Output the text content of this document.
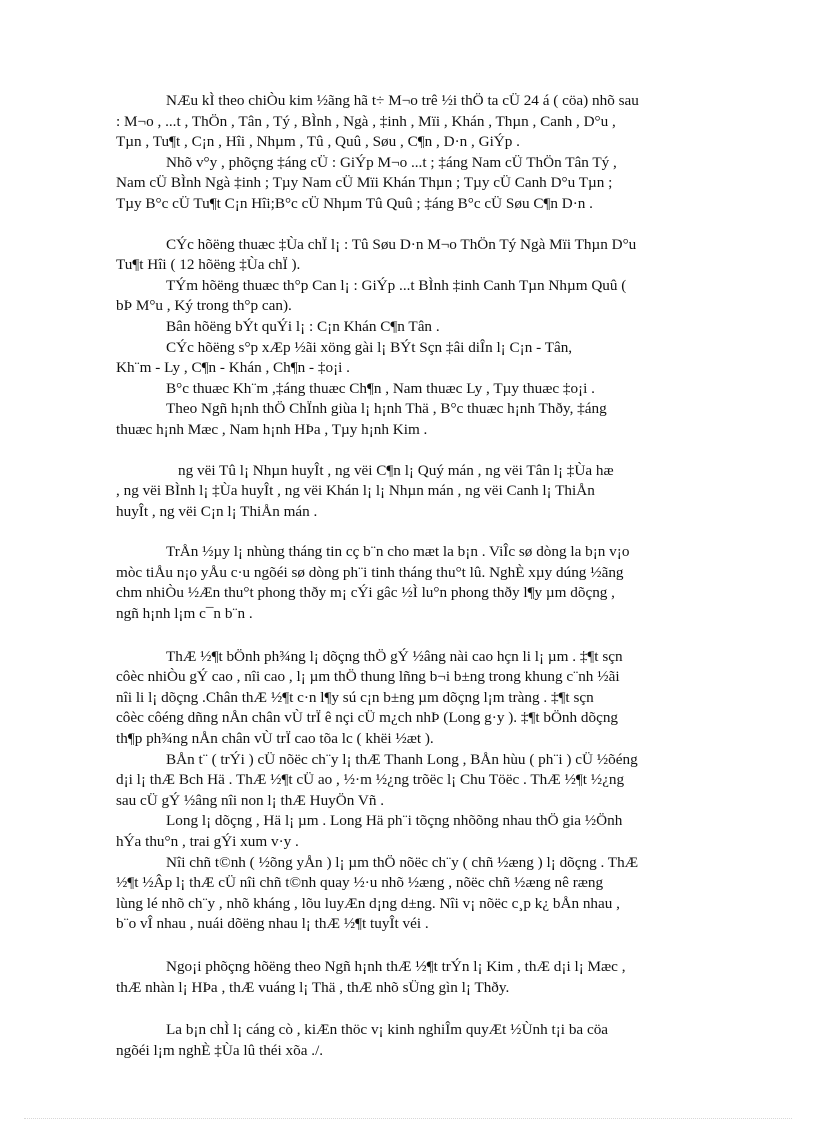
NÆu kÌ theo chiÒu kim ½ãng hã t÷ M¬o trê ½i thÖ ta cÜ 24 á ( cöa) nhõ sau
: M¬o , ...t , ThÖn , Tân , Tý , BÌnh , Ngà , ‡inh , Mïi , Khán , Thµn , Canh , D°u ,
Tµn , Tu¶t , C¡n , Hîi , Nhµm , Tû , Quû , Søu , C¶n , D·n , GiÝp .

Nhõ v°y , phõçng ‡áng cÜ : GiÝp M¬o ...t ; ‡áng Nam cÜ ThÖn Tân Tý ,
Nam cÜ BÌnh Ngà ‡inh ; Tµy Nam cÜ Mïi Khán Thµn ; Tµy cÜ Canh D°u Tµn ;
Tµy B°c cÜ Tu¶t C¡n Hîi;B°c cÜ Nhµm Tû Quû ; ‡áng B°c cÜ Søu C¶n D·n .

CÝc hõëng thuæc ‡Ùa chÏ l¡ : Tû Søu D·n M¬o ThÖn Tý Ngà Mïi Thµn D°u
Tu¶t Hîi ( 12 hõëng ‡Ùa chÏ ).

TÝm hõëng thuæc th°p Can l¡ : GiÝp ...t BÌnh ‡inh Canh Tµn Nhµm Quû (
bÞ M°u , Ký trong th°p can).

Bân hõëng bÝt quÝi l¡ : C¡n Khán C¶n Tân .

CÝc hõëng s°p xÆp ½ãi xöng gài l¡ BÝt Sçn ‡âi diÎn l¡ C¡n - Tân,
Kh¨m - Ly , C¶n - Khán , Ch¶n - ‡o¡i .

B°c thuæc Kh¨m ,‡áng thuæc Ch¶n , Nam thuæc Ly , Tµy thuæc ‡o¡i .

Theo Ngñ h¡nh thÖ ChÏnh giùa l¡ h¡nh Thä , B°c thuæc h¡nh Thðy, ‡áng
thuæc h¡nh Mæc , Nam h¡nh HÞa , Tµy h¡nh Kim .

ng vëi Tû l¡ Nhµn huyÎt , ng vëi C¶n l¡ Quý mán , ng vëi Tân l¡ ‡Ùa hæ
, ng vëi BÌnh l¡ ‡Ùa huyÎt , ng vëi Khán l¡ l¡ Nhµn mán , ng vëi Canh l¡ ThiÅn
huyÎt , ng vëi C¡n l¡ ThiÅn mán .

TrÅn ½µy l¡ nhùng tháng tin cç b¨n cho mæt la b¡n . ViÎc sø dòng la b¡n v¡o
mòc tiÅu n¡o yÅu c·u ngõéi sø dòng ph¨i tinh tháng thu°t lû. NghÈ xµy dúng ½ãng
chm nhiÒu ½Æn thu°t phong thðy m¡ cÝi gâc ½Ì lu°n phong thðy l¶y µm dõçng ,
ngñ h¡nh l¡m c¯n b¨n .

ThÆ ½¶t bÖnh ph¾ng l¡ dõçng thÖ gÝ ½âng nài cao hçn li l¡ µm . ‡¶t sçn
côèc nhiÒu gÝ cao , nîi cao , l¡ µm thÖ thung lñng b¬i b±ng trong khung c¨nh ½ãi
nîi li l¡ dõçng .Chân thÆ ½¶t c·n l¶y sú c¡n b±ng µm dõçng l¡m tràng . ‡¶t sçn
côèc côéng dñng nÅn chân vÙ trÏ ê nçi cÜ m¿ch nhÞ (Long g·y ). ‡¶t bÖnh dõçng
th¶p ph¾ng nÅn chân vÙ trÏ cao tõa lc ( khëi ½æt ).

BÅn t¨ ( trÝi ) cÜ nõëc ch¨y l¡ thÆ Thanh Long , BÅn hùu ( ph¨i ) cÜ ½õéng
d¡i l¡ thÆ Bch Hä . ThÆ ½¶t cÜ ao , ½·m ½¿ng trõëc l¡ Chu Töëc . ThÆ ½¶t ½¿ng
sau cÜ gÝ ½âng nîi non l¡ thÆ HuyÖn Vñ .

Long l¡ dõçng , Hä l¡ µm . Long Hä ph¨i tõçng nhõõng nhau thÖ gia ½Önh
hÝa thu°n , trai gÝi xum v·y .

Nîi chñ t©nh ( ½õng yÅn ) l¡ µm thÖ nõëc ch¨y ( chñ ½æng ) l¡ dõçng . ThÆ
½¶t ½Âp l¡ thÆ cÜ nîi chñ t©nh quay ½·u nhõ ½æng , nõëc chñ ½æng nê ræng
lùng lé nhõ ch¨y , nhõ kháng , lõu luyÆn d¡ng d±ng. Nîi v¡ nõëc c¸p k¿ bÅn nhau ,
b¨o vÎ nhau , nuái dõëng nhau l¡ thÆ ½¶t tuyÎt véi .

Ngo¡i phõçng hõëng theo Ngñ h¡nh thÆ ½¶t trÝn l¡ Kim , thÆ d¡i l¡ Mæc ,
thÆ nhàn l¡ HÞa , thÆ vuáng l¡ Thä , thÆ nhõ sÜng gìn l¡ Thðy.

La b¡n chÌ l¡ cáng cò , kiÆn thöc v¡ kinh nghiÎm quyÆt ½Ùnh t¡i ba cöa
ngõéi l¡m nghÈ ‡Ùa lû théi xõa ./.
